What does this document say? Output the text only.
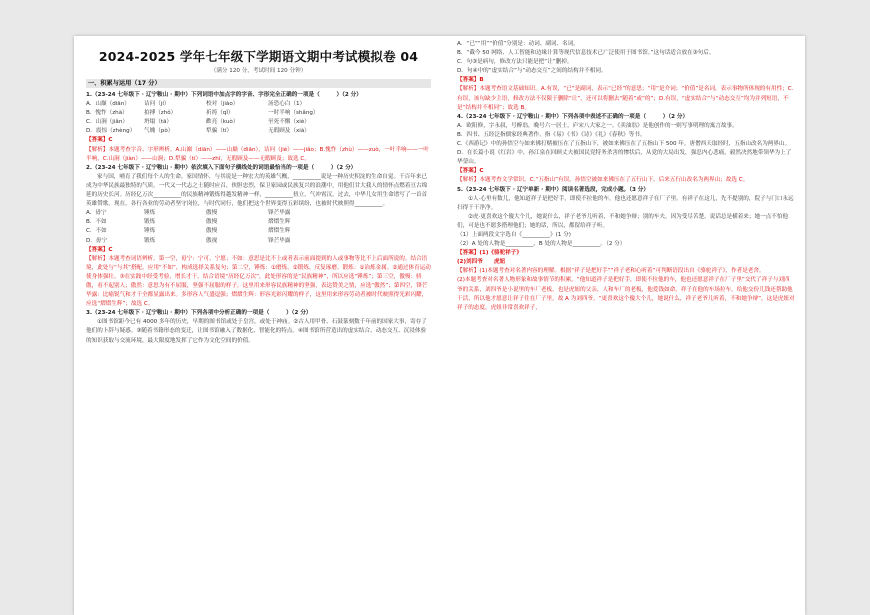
2024-2025 学年七年级下学期语文期中考试模拟卷 04
（满分 120 分，考试时间 120 分钟）
一、积累与运用（17 分）

1.（23-24 七年级下 · 辽宁鞍山 · 期中）下列词语中加点字的字音、字形完全正确的一项是（　　　）（2 分）

A．山巅（diān）	诘问（jí）	校对（jiào）	汤恐心白（1）
B．愧怍（zhà）	拍搏（zhǒ）	祈祷（qǐ）	一时半响（shǎng）
C．山涧（jiǎn）	坍塌（tā）	歡亮（kuò）	至死不懈（xiè）
D．震惊（zhèng）	气魄（pò）	犁骗（tí）	无瑕顾及（xià）

【答案】C

【解析】本题考查字音、字形辨析。A.山巅（diān）——山巅（diān），诘问（jié）——jiǎo；B.愧怍（zhù）——zuò，一叶半响——一叶半响，C.山涧（jiàn）——山涧；D.犁骗（tí）——zhī，无瑕顾及——无暇顾及；故选 C。

2.（23-24 七年级下 · 辽宁鞍山 · 期中）依次填入下面句子横线处的词语最恰当的一项是（　　　）（2 分）

家与国，哺育了我们每个人的生命。家国情怀，与其说是一种宏大的英雄气概，__________说是一种历史积淀的生命自觉。千百年来已成为中华民族最独特的气质。一代又一代志之士随时应召，侠胆忠烈，保卫家园或民族复兴的浪潮中，用他们甘大我人的情怀点燃着亘古绵延的历史长河。历经亿万次__________的民族精神锻炼得越发精神一样，__________扭立，气冲霄汉。过去，中华儿女用生命谱写了一首首英雄赞歌。现在，各行各业的劳动者坚守岗位，与时代同行，他们把这个世界变得五彩缤纷，也被时代映照得__________。

A．毋宁	锤炼	傲慢	锋芒毕露
B．不如	锻炼	傲慢	熠熠生辉
C．不如	锤炼	傲慢	熠熠生辉
D．毋宁	锻炼	傲视	锋芒毕露

【答案】C

【解析】本题考查词语辨析。第一空，毋宁：宁可、宁愿；不如：意思是比不上或者表示前面提到的人或事物等比不上后面所说的。结合语境，此处与“与其”搭配，应用“不如”，构成选择关系复句；第二空，锤炼：①磨炼。②锻炼，反复琢磨。锻炼：①冶炼金属。②通过体育运动使身体强壮。③在实践中经受考验，增长才干。结合语境“历经亿万次”，此处形容的是“民族精神”，所以应选“锤炼”；第三空，傲慢：骄傲，看不起别人；傲然：意思为有不屈服，坚强不屈服的样子，这里用来形容民族精神的坚强，表达赞美之情，应选“傲然”；第四空，锋芒毕露：比喻锐气和才干全都显露出来。多形容人气盛逞强；熠熠生辉：形容光彩闪耀的样子，这里用来形容劳动者被时代映照得光彩闪耀，应选“熠熠生辉”；故选 C。

3.（23-24 七年级下 · 辽宁鞍山 · 期中）下列各项中分析正确的一项是（　　　）（2 分）

①图书馆距今已有 4000 多年的历史，早期的图书馆或处于皇宫，或处于神庙。②古人用甲骨、石鼓篆刻数千年前的国家大事，寄存了他们的卜辞与疑惑。③随着书籍形态的变迁，让图书馆融入了数据化、智能化的特点。④图书馆所营造出的虚实结合、动态交互、沉浸体验的知识获取与交流环境，最大限度地发挥了它作为文化空间的价值。

A．“已”“用”“价值”分别是：动词、副词、名词。

B．“截今 50 网络、人工智能和边缘计算等现代信息技术已广泛使用于图书馆。”这句话适合放在③句后。

C．句③是病句，修改方法只能是把“让”删掉。

D．句④中的“虚实结合”与“动态交互”之间的结构并不相同。

【答案】B

【解析】本题考查语文基础知识。A.有误，“已”是副词，表示“已经”的意思；“用”是介词；“价值”是名词，表示事物所体现的有用性；C.有误，该句缺少主语，修改方法不仅限于删除“让”，还可以将删去“随着”或“的”；D.有误，“虚实结合”与“动态交互”均为并列短语，不是“结构并不相同”；故选 B。

4.（23-24 七年级下 · 辽宁鞍山 · 期中）下列各项中表述不正确的一项是（　　　）（2 分）

A．欧阳修，字永叔，号醉翁，晚号六一居士，庐宋八大家之一。《卖油翁》是他创作的一则写事明理的寓言故事。

B．四书、五经泛指儒家经典著作。指《易》《书》《诗》《礼》《春秋》等书。

C.《西游记》中的孙悟空与如来佛打赌被压在了五指山下，被如来佛压在了五指山下 500 年。唐僧西天取经时，五指山改名为两界山。

D．在长篇小说《红岩》中，孙江泉在回顾丈夫被国民党特务杀害的惨状后，从党的大局出发，强忍内心悲痛，毅然决然地带领华为上了华蓥山。

【答案】C

【解析】本题考查文学常识。C.“五指山”有误，孙悟空被如来佛压在了五行山下，后来五行山改名为两界山；故选 C。

5.（23-24 七年级下 · 辽宁单新 · 期中）阅读名著选段，完成小题。（3 分）

①人·心里有数儿，他知道祥子是把好手，即使不拉他的车，他也还愿意祥子在厂子里。有祥子在这儿，先不提别的，院子与门口永远扫得干干净净。

②虎·更喜欢这个傻大个儿，她说什么，祥子老爷儿听着，不和她争辩；别的车夫，因为受尽苦楚，说话总是横着来；她一点不怕他们，可是也不愿多搭理他们；她的话，所以，都留给祥子听。

（1）上面两段文字选自《__________》(1 分)

（2）A 处的人物是__________，B 处的人物是__________。（2 分）

【答案】(1)《骆驼祥子》

(2)刘四爷　　虎妞

【解析】(1)本题考查对名著内容的理解。根据“祥子是把好手”“祥子老和心听着”可判断语段出自《骆驼祥子》，作者是老舍。

(2)本题考查对名著人物形象和故事情节的积累。“他知道祥子是把好手，即使不拉他的车，他也还愿意祥子在厂子里”交代了祥子与刘四爷的关系，刘四爷是小说里的车厂老板，也是虎妞的父亲，人和车厂的老板，他爱钱如命，祥子在他的车场拉车，给他交份儿钱还帮助他干活，所以他才愿意让祥子住在厂子里，故 A 为刘四爷。“更喜欢这个傻大个儿，她说什么，祥子老爷儿听着，不和她争辩”，这是虎妞对祥子的态度，虎妞非常喜欢祥子，
